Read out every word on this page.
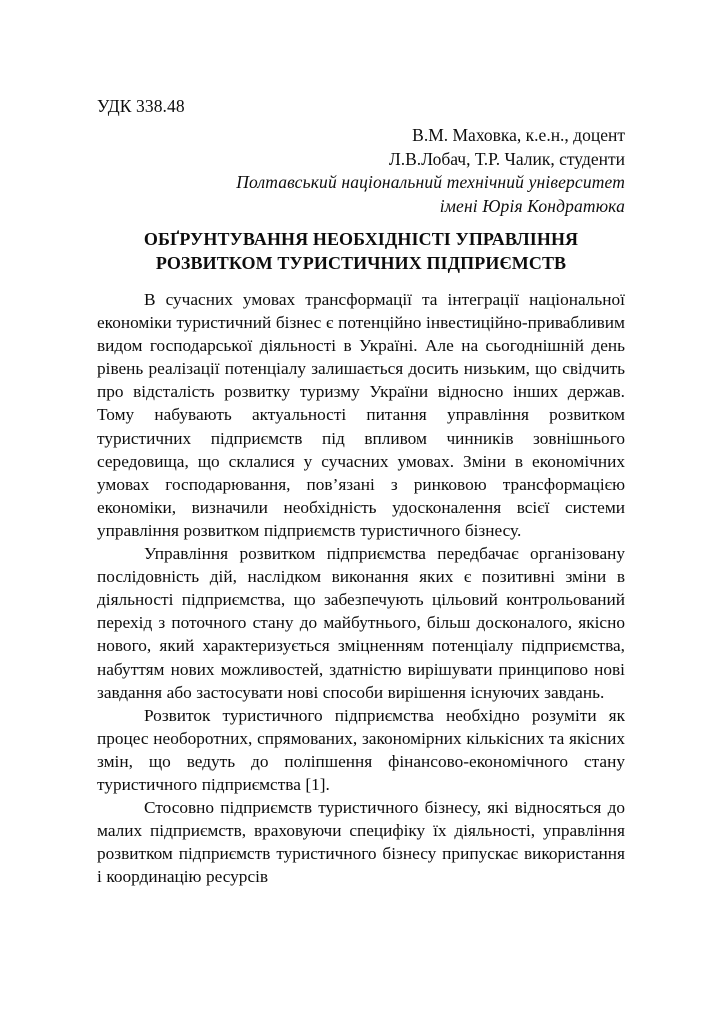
УДК 338.48

В.М. Маховка, к.е.н., доцент
Л.В.Лобач, Т.Р. Чалик, студенти
Полтавський національний технічний університет
імені Юрія Кондратюка
ОБҐРУНТУВАННЯ НЕОБХІДНІСТІ УПРАВЛІННЯ
РОЗВИТКОМ ТУРИСТИЧНИХ ПІДПРИЄМСТВ

В сучасних умовах трансформації та інтеграції національної економіки туристичний бізнес є потенційно інвестиційно-привабливим видом господарської діяльності в Україні. Але на сьогоднішній день рівень реалізації потенціалу залишається досить низьким, що свідчить про відсталість розвитку туризму України відносно інших держав. Тому набувають актуальності питання управління розвитком туристичних підприємств під впливом чинників зовнішнього середовища, що склалися у сучасних умовах. Зміни в економічних умовах господарювання, пов’язані з ринковою трансформацією економіки, визначили необхідність удосконалення всієї системи управління розвитком підприємств туристичного бізнесу.

Управління розвитком підприємства передбачає організовану послідовність дій, наслідком виконання яких є позитивні зміни в діяльності підприємства, що забезпечують цільовий контрольований перехід з поточного стану до майбутнього, більш досконалого, якісно нового, який характеризується зміцненням потенціалу підприємства, набуттям нових можливостей, здатністю вирішувати принципово нові завдання або застосувати нові способи вирішення існуючих завдань.

Розвиток туристичного підприємства необхідно розуміти як процес необоротних, спрямованих, закономірних кількісних та якісних змін, що ведуть до поліпшення фінансово-економічного стану туристичного підприємства [1].

Стосовно підприємств туристичного бізнесу, які відносяться до малих підприємств, враховуючи специфіку їх діяльності, управління розвитком підприємств туристичного бізнесу припускає використання і координацію ресурсів
